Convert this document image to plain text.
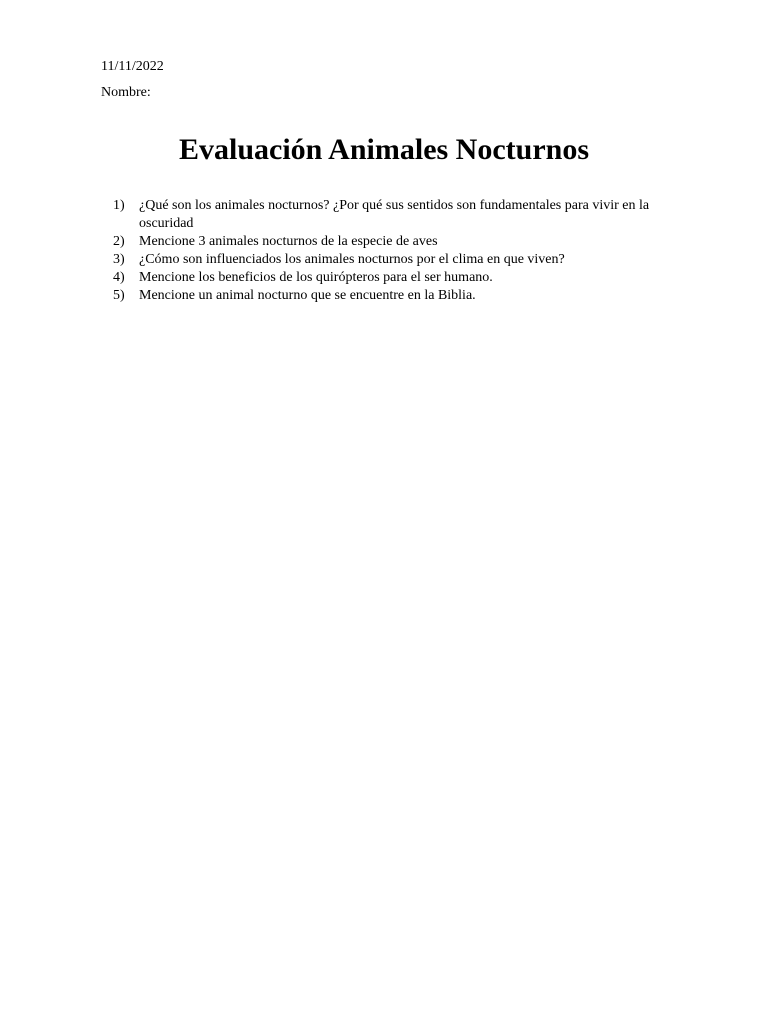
11/11/2022
Nombre:
Evaluación Animales Nocturnos
1)	¿Qué son los animales nocturnos? ¿Por qué sus sentidos son fundamentales para vivir en la oscuridad
2)	Mencione 3 animales nocturnos de la especie de aves
3)	¿Cómo son influenciados los animales nocturnos por el clima en que viven?
4)	Mencione los beneficios de los quirópteros para el ser humano.
5)	Mencione un animal nocturno que se encuentre en la Biblia.
